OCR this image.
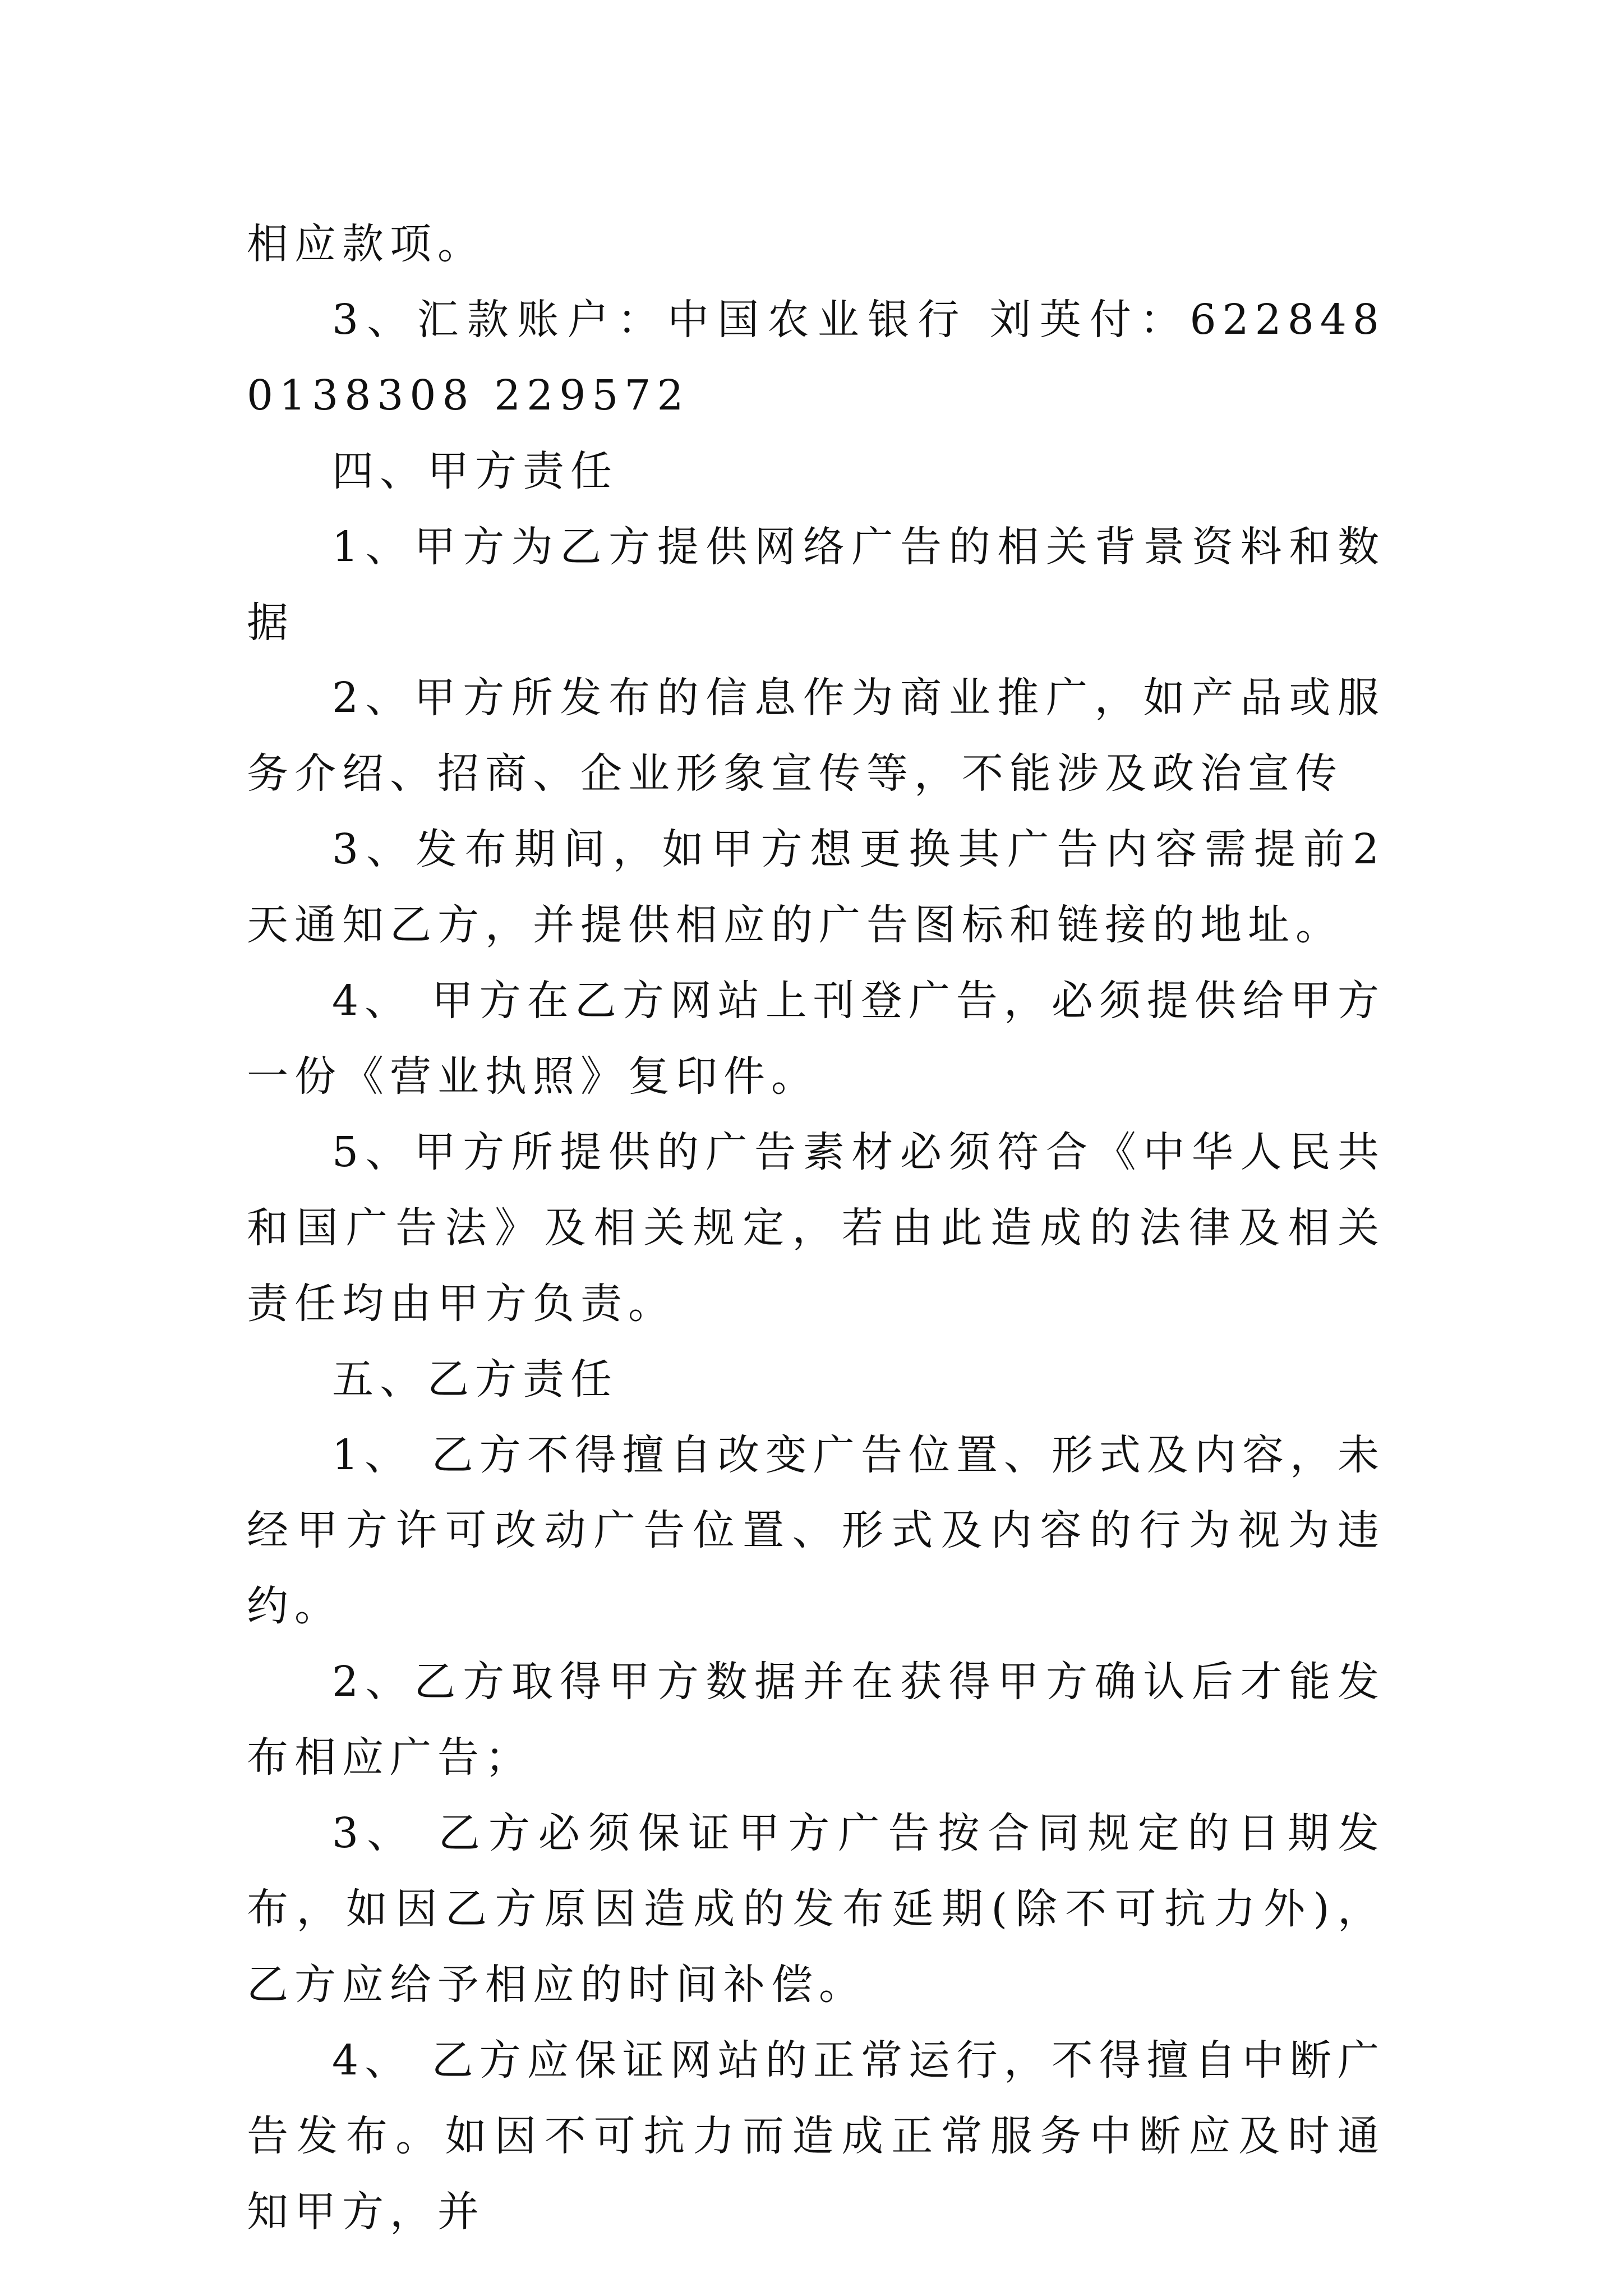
相应款项。

3、汇款账户：中国农业银行 刘英付：622848 0138308 229572

四、甲方责任

1、甲方为乙方提供网络广告的相关背景资料和数据

2、甲方所发布的信息作为商业推广，如产品或服务介绍、招商、企业形象宣传等，不能涉及政治宣传

3、发布期间，如甲方想更换其广告内容需提前2天通知乙方，并提供相应的广告图标和链接的地址。

4、 甲方在乙方网站上刊登广告，必须提供给甲方一份《营业执照》复印件。

5、甲方所提供的广告素材必须符合《中华人民共和国广告法》及相关规定，若由此造成的法律及相关责任均由甲方负责。

五、乙方责任

1、 乙方不得擅自改变广告位置、形式及内容，未经甲方许可改动广告位置、形式及内容的行为视为违约。

2、乙方取得甲方数据并在获得甲方确认后才能发布相应广告；

3、 乙方必须保证甲方广告按合同规定的日期发布，如因乙方原因造成的发布延期(除不可抗力外)，乙方应给予相应的时间补偿。

4、 乙方应保证网站的正常运行，不得擅自中断广告发布。如因不可抗力而造成正常服务中断应及时通知甲方，并
